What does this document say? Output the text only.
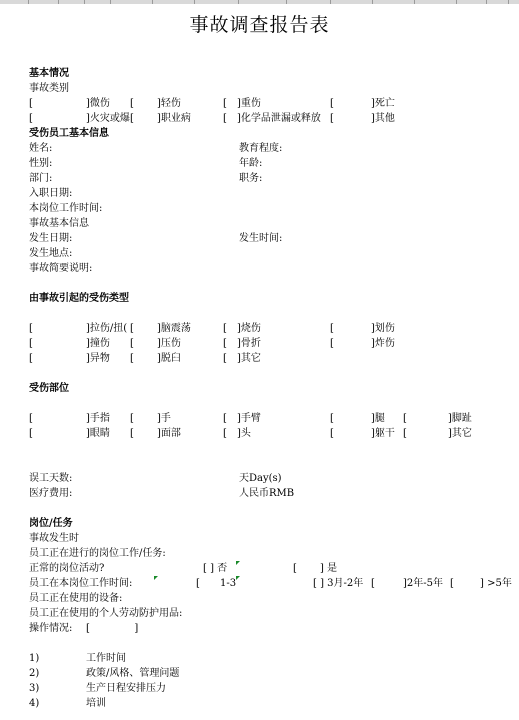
事故调查报告表
基本情况
事故类别
[	]微伤 [ ]轻伤	[ ]重伤	[	]死亡
[	]火灾或爆 [ ]职业病	[ ]化学品泄漏或释放 [	]其他
受伤员工基本信息
姓名:	教育程度:
性别:	年龄:
部门:	职务:
入职日期:
本岗位工作时间:
事故基本信息
发生日期:	发生时间:
发生地点:
事故简要说明:
由事故引起的受伤类型
[	]拉伤/扭( [ ]脑震荡	[ ]烧伤	[	]划伤
[	]撞伤 [ ]压伤	[ ]骨折	[	]炸伤
[	]异物 [ ]脱臼	[ ]其它
受伤部位
[	]手指 [ ]手	[ ]手臂	[	]腿 [	]脚趾
[	]眼睛 [ ]面部	[ ]头	[	]躯干 [	]其它
误工天数:	天Day(s)
医疗费用:	人民币RMB
岗位/任务
事故发生时
员工正在进行的岗位工作/任务:
正常的岗位活动?	[ ] 否	[ ] 是
员工在本岗位工作时间:	[ 1-3	[ ] 3月-2年 [	]2年-5年 [	] >5年
员工正在使用的设备:
员工正在使用的个人劳动防护用品:
操作情况: [              ]
1)	工作时间
2)	政策/风格、管理问题
3)	生产日程安排压力
4)	培训
